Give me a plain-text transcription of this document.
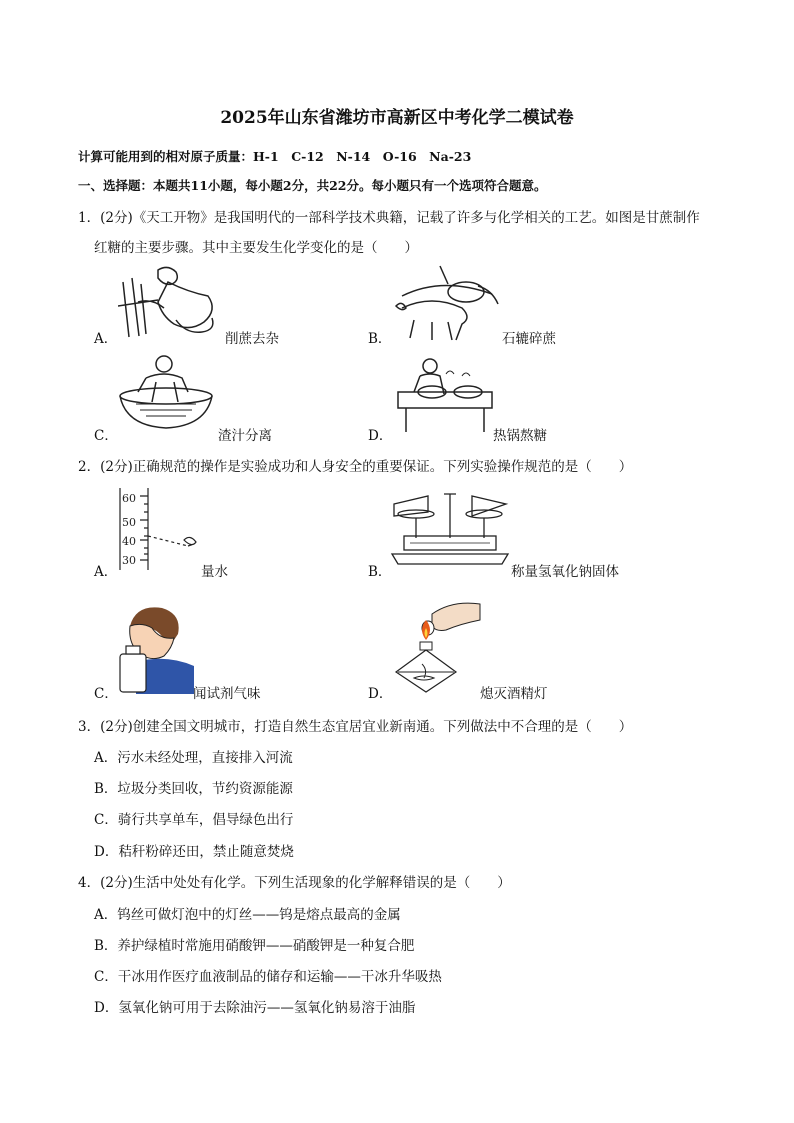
2025年山东省潍坊市高新区中考化学二模试卷
计算可能用到的相对原子质量：H-1　C-12　N-14　O-16　Na-23
一、选择题：本题共11小题，每小题2分，共22分。每小题只有一个选项符合题意。
1．(2分)《天工开物》是我国明代的一部科学技术典籍，记载了许多与化学相关的工艺。如图是甘蔗制作
红糖的主要步骤。其中主要发生化学变化的是（　　）
A．	削蔗去杂	B．	石辘碎蔗
C．	渣汁分离	D．	热锅熬糖
2．(2分)正确规范的操作是实验成功和人身安全的重要保证。下列实验操作规范的是（　　）
A．
60
50
40
30
量水	B．	称量氢氧化钠固体
C．	闻试剂气味	D．	熄灭酒精灯
3．(2分)创建全国文明城市，打造自然生态宜居宜业新南通。下列做法中不合理的是（　　）
A．污水未经处理，直接排入河流
B．垃圾分类回收，节约资源能源
C．骑行共享单车，倡导绿色出行
D．秸秆粉碎还田，禁止随意焚烧
4．(2分)生活中处处有化学。下列生活现象的化学解释错误的是（　　）
A．钨丝可做灯泡中的灯丝——钨是熔点最高的金属
B．养护绿植时常施用硝酸钾——硝酸钾是一种复合肥
C．干冰用作医疗血液制品的储存和运输——干冰升华吸热
D．氢氧化钠可用于去除油污——氢氧化钠易溶于油脂
